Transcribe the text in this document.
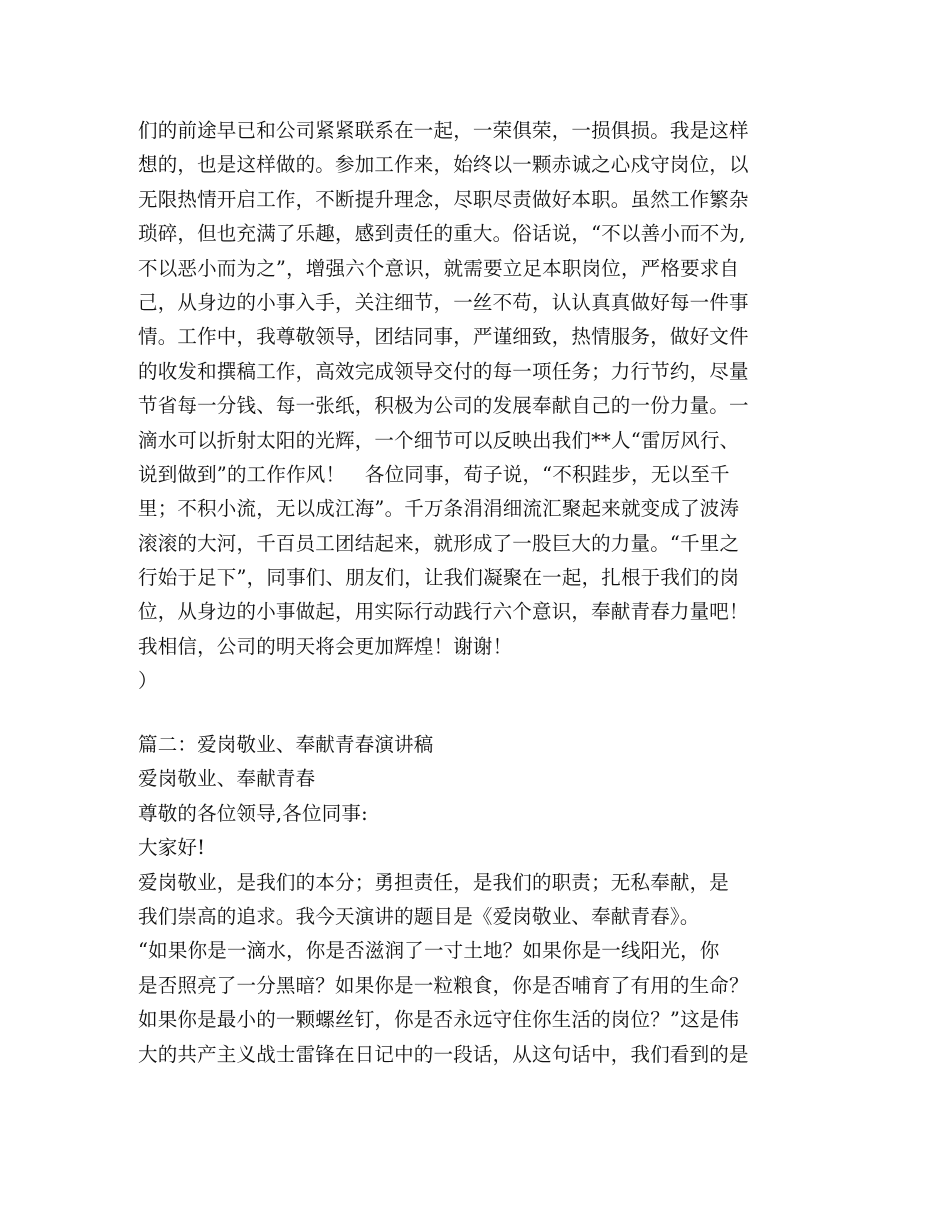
们的前途早已和公司紧紧联系在一起，一荣俱荣，一损俱损。我是这样
想的，也是这样做的。参加工作来，始终以一颗赤诚之心戍守岗位，以
无限热情开启工作，不断提升理念，尽职尽责做好本职。虽然工作繁杂
琐碎，但也充满了乐趣，感到责任的重大。俗话说，“不以善小而不为,
不以恶小而为之”，增强六个意识，就需要立足本职岗位，严格要求自
己，从身边的小事入手，关注细节，一丝不苟，认认真真做好每一件事
情。工作中，我尊敬领导，团结同事，严谨细致，热情服务，做好文件
的收发和撰稿工作，高效完成领导交付的每一项任务；力行节约，尽量
节省每一分钱、每一张纸，积极为公司的发展奉献自己的一份力量。一
滴水可以折射太阳的光辉，一个细节可以反映出我们**人“雷厉风行、
说到做到”的工作作风！　各位同事，荀子说，“不积跬步，无以至千
里；不积小流，无以成江海”。千万条涓涓细流汇聚起来就变成了波涛
滚滚的大河，千百员工团结起来，就形成了一股巨大的力量。“千里之
行始于足下”，同事们、朋友们，让我们凝聚在一起，扎根于我们的岗
位，从身边的小事做起，用实际行动践行六个意识，奉献青春力量吧！
我相信，公司的明天将会更加辉煌！谢谢！
）
篇二：爱岗敬业、奉献青春演讲稿
爱岗敬业、奉献青春
尊敬的各位领导,各位同事:
大家好!
爱岗敬业，是我们的本分；勇担责任，是我们的职责；无私奉献，是
我们崇高的追求。我今天演讲的题目是《爱岗敬业、奉献青春》。
“如果你是一滴水，你是否滋润了一寸土地？如果你是一线阳光，你
是否照亮了一分黑暗？如果你是一粒粮食，你是否哺育了有用的生命？
如果你是最小的一颗螺丝钉，你是否永远守住你生活的岗位？”这是伟
大的共产主义战士雷锋在日记中的一段话，从这句话中，我们看到的是
